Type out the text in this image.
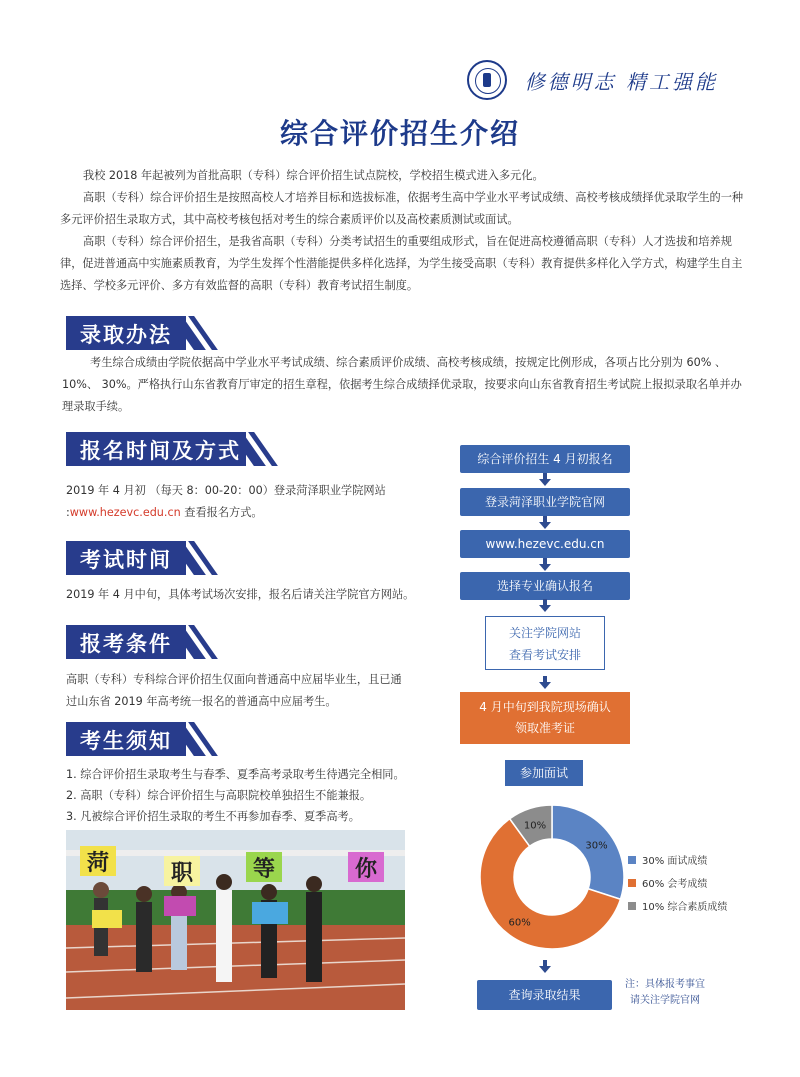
修德明志 精工强能
综合评价招生介绍

我校 2018 年起被列为首批高职（专科）综合评价招生试点院校，学校招生模式进入多元化。

高职（专科）综合评价招生是按照高校人才培养目标和选拔标准，依据考生高中学业水平考试成绩、高校考核成绩择优录取学生的一种多元评价招生录取方式，其中高校考核包括对考生的综合素质评价以及高校素质测试或面试。

高职（专科）综合评价招生，是我省高职（专科）分类考试招生的重要组成形式，旨在促进高校遵循高职（专科）人才选拔和培养规律，促进普通高中实施素质教育，为学生发挥个性潜能提供多样化选择，为学生接受高职（专科）教育提供多样化入学方式，构建学生自主选择、学校多元评价、多方有效监督的高职（专科）教育考试招生制度。

录取办法
考生综合成绩由学院依据高中学业水平考试成绩、综合素质评价成绩、高校考核成绩，按规定比例形成，各项占比分别为 60% 、10%、 30%。严格执行山东省教育厅审定的招生章程，依据考生综合成绩择优录取，按要求向山东省教育招生考试院上报拟录取名单并办理录取手续。
报名时间及方式
2019 年 4 月初 （每天 8：00-20：00）登录菏泽职业学院网站 :www.hezevc.edu.cn 查看报名方式。
考试时间
2019 年 4 月中旬，具体考试场次安排，报名后请关注学院官方网站。
报考条件
高职（专科）专科综合评价招生仅面向普通高中应届毕业生，且已通过山东省 2019 年高考统一报名的普通高中应届考生。
考生须知
1. 综合评价招生录取考生与春季、夏季高考录取考生待遇完全相同。
2. 高职（专科）综合评价招生与高职院校单独招生不能兼报。
3. 凡被综合评价招生录取的考生不再参加春季、夏季高考。
菏	职	等	你
综合评价招生 4 月初报名
登录菏泽职业学院官网
www.hezevc.edu.cn
选择专业确认报名
关注学院网站
查看考试安排
4 月中旬到我院现场确认
领取准考证
参加面试
30%
60%
10%
30% 面试成绩
60% 会考成绩
10% 综合素质成绩
查询录取结果
注：具体报考事宜
请关注学院官网
